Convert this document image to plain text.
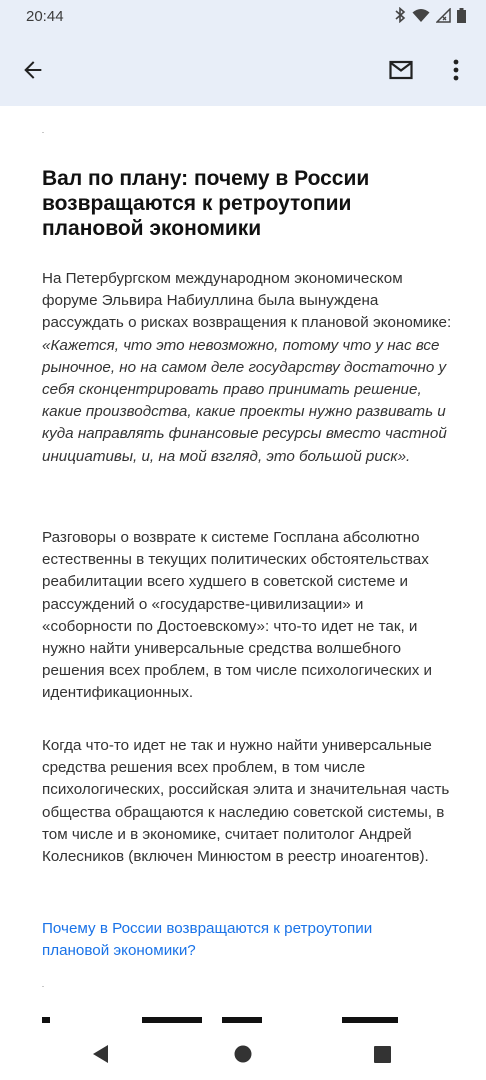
20:44
Вал по плану: почему в России возвращаются к ретроутопии плановой экономики

На Петербургском международном экономическом форуме Эльвира Набиуллина была вынуждена рассуждать о рисках возвращения к плановой экономике: «Кажется, что это невозможно, потому что у нас все рыночное, но на самом деле государству достаточно у себя сконцентрировать право принимать решение, какие производства, какие проекты нужно развивать и куда направлять финансовые ресурсы вместо частной инициативы, и, на мой взгляд, это большой риск».

Разговоры о возврате к системе Госплана абсолютно естественны в текущих политических обстоятельствах реабилитации всего худшего в советской системе и рассуждений о «государстве-цивилизации» и «соборности по Достоевскому»: что-то идет не так, и нужно найти универсальные средства волшебного решения всех проблем, в том числе психологических и идентификационных.

Когда что-то идет не так и нужно найти универсальные средства решения всех проблем, в том числе психологических, российская элита и значительная часть общества обращаются к наследию советской системы, в том числе и в экономике, считает политолог Андрей Колесников (включен Минюстом в реестр иноагентов).

Почему в России возвращаются к ретроутопии плановой экономики?
